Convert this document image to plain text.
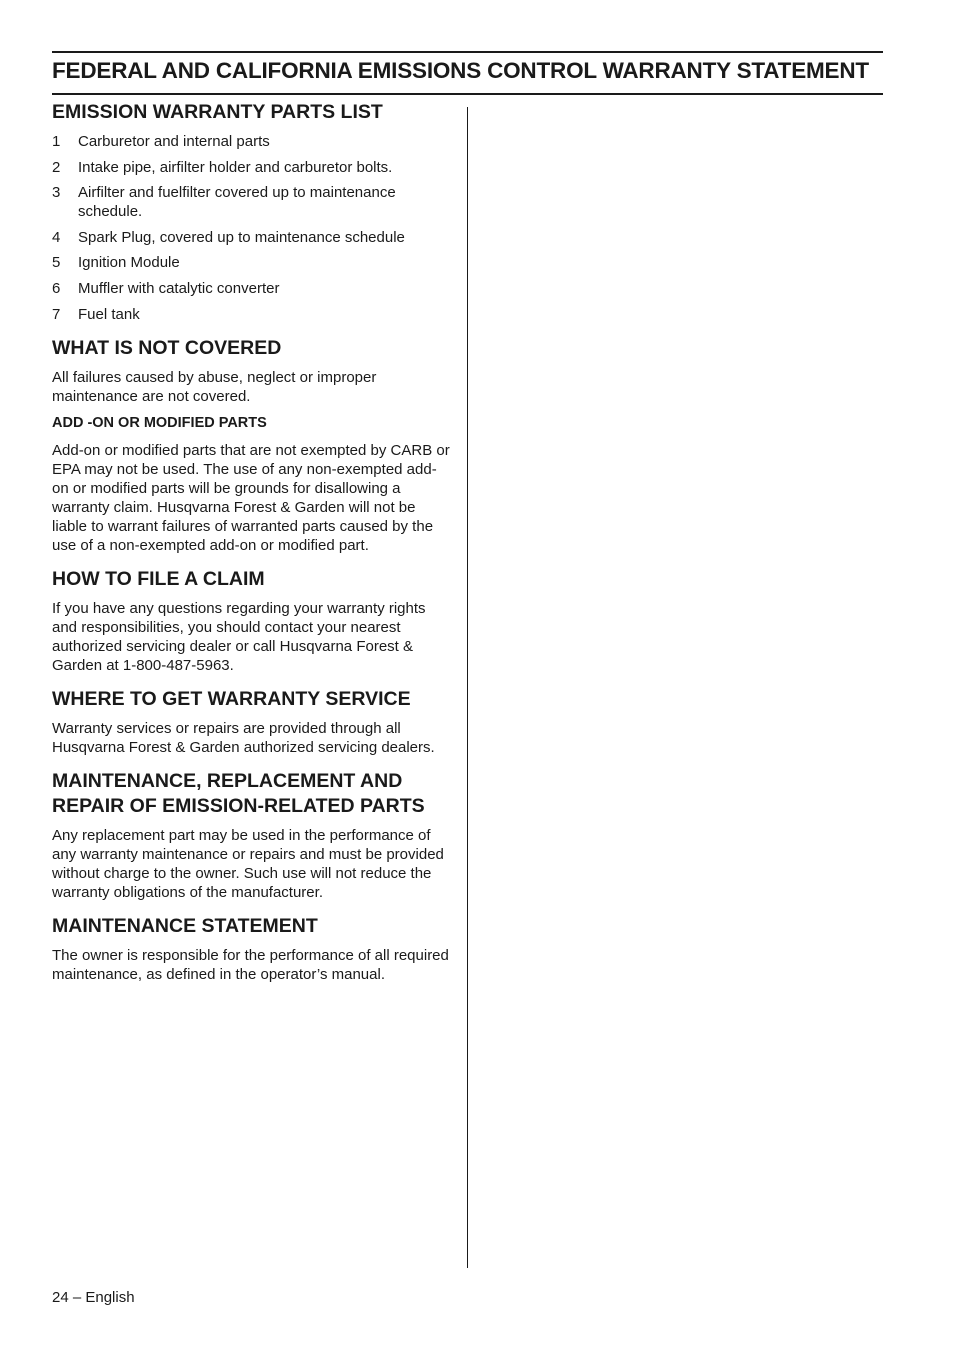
FEDERAL AND CALIFORNIA EMISSIONS CONTROL WARRANTY STATEMENT
EMISSION WARRANTY PARTS LIST
1	Carburetor and internal parts
2	Intake pipe, airfilter holder and carburetor bolts.
3	Airfilter and fuelfilter covered up to maintenance schedule.
4	Spark Plug, covered up to maintenance schedule
5	Ignition Module
6	Muffler with catalytic converter
7	Fuel tank
WHAT IS NOT COVERED

All failures caused by abuse, neglect or improper maintenance are not covered.

ADD -ON OR MODIFIED PARTS

Add-on or modified parts that are not exempted by CARB or EPA may not be used. The use of any non-exempted add-on or modified parts will be grounds for disallowing a warranty claim. Husqvarna Forest & Garden will not be liable to warrant failures of warranted parts caused by the use of a non-exempted add-on or modified part.

HOW TO FILE A CLAIM

If you have any questions regarding your warranty rights and responsibilities, you should contact your nearest authorized servicing dealer or call Husqvarna Forest & Garden at 1-800-487-5963.

WHERE TO GET WARRANTY SERVICE

Warranty services or repairs are provided through all Husqvarna Forest & Garden authorized servicing dealers.

MAINTENANCE, REPLACEMENT AND REPAIR OF EMISSION-RELATED PARTS

Any replacement part may be used in the performance of any warranty maintenance or repairs and must be provided without charge to the owner. Such use will not reduce the warranty obligations of the manufacturer.

MAINTENANCE STATEMENT

The owner is responsible for the performance of all required maintenance, as defined in the operator’s manual.

24 – English
